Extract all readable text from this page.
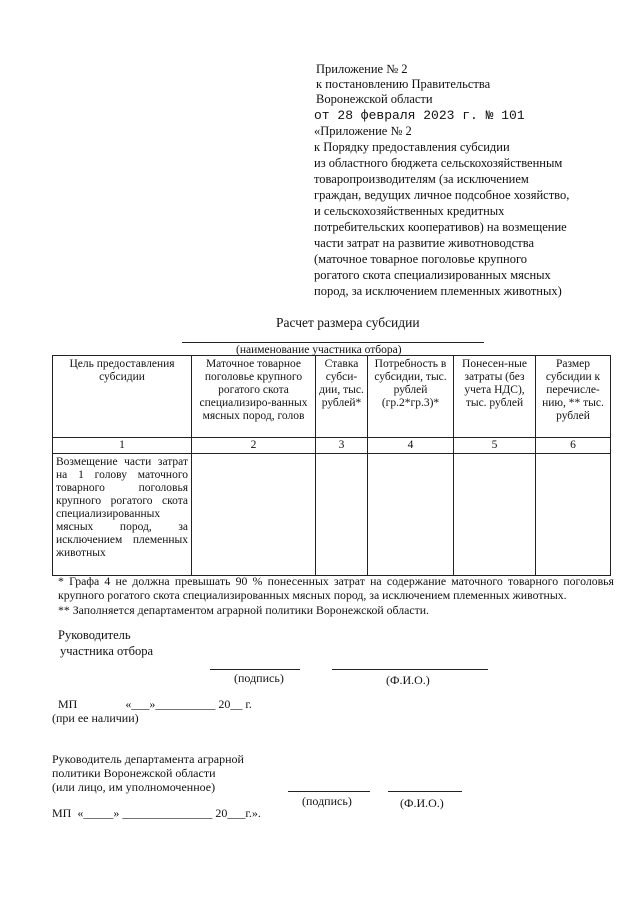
Приложение № 2
к постановлению Правительства
Воронежской области
от 28 февраля 2023 г. № 101
«Приложение № 2
к Порядку предоставления субсидии
из областного бюджета сельскохозяйственным
товаропроизводителям (за исключением
граждан, ведущих личное подсобное хозяйство,
и сельскохозяйственных кредитных
потребительских кооперативов) на возмещение
части затрат на развитие животноводства
(маточное товарное поголовье крупного
рогатого скота специализированных мясных
пород, за исключением племенных животных)
Расчет размера субсидии
(наименование участника отбора)
Цель предоставления субсидии	Маточное товарное поголовье крупного рогатого скота специализиро-ванных мясных пород, голов	Ставка субси-дии, тыс. рублей*	Потребность в субсидии, тыс. рублей (гр.2*гр.3)*	Понесен-ные затраты (без учета НДС), тыс. рублей	Размер субсидии к перечисле-нию, ** тыс. рублей
1	2	3	4	5	6
Возмещение части затрат на 1 голову маточного товарного поголовья крупного рогатого скота специализированных мясных пород, за исключением племенных животных					
* Графа 4 не должна превышать 90 % понесенных затрат на содержание маточного товарного поголовья крупного рогатого скота специализированных мясных пород, за исключением племенных животных.
** Заполняется департаментом аграрной политики Воронежской области.
Руководитель
участника отбора
(подпись)	(Ф.И.О.)
МП                «___»__________ 20__ г.
(при ее наличии)
Руководитель департамента аграрной
политики Воронежской области
(или лицо, им уполномоченное)
(подпись)	(Ф.И.О.)
МП  «_____» _______________ 20___г.».
